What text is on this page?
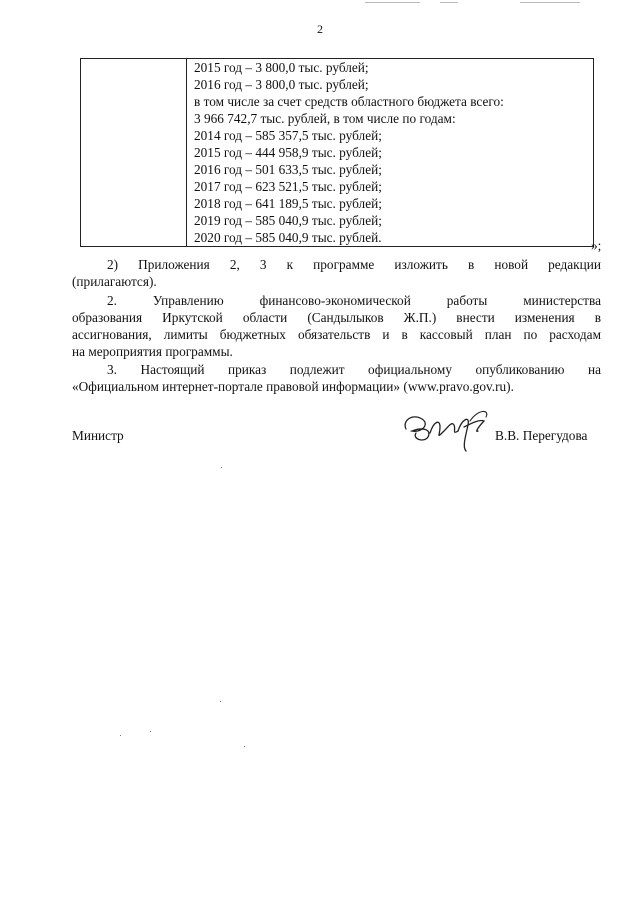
2

2015 год – 3 800,0 тыс. рублей;
2016 год – 3 800,0 тыс. рублей;
в том числе за счет средств областного бюджета всего:
3 966 742,7 тыс. рублей, в том числе по годам:
2014 год – 585 357,5 тыс. рублей;
2015 год – 444 958,9 тыс. рублей;
2016 год – 501 633,5 тыс. рублей;
2017 год – 623 521,5 тыс. рублей;
2018 год – 641 189,5 тыс. рублей;
2019 год – 585 040,9 тыс. рублей;
2020 год – 585 040,9 тыс. рублей.
»;
2) Приложения 2, 3 к программе изложить в новой редакции
(прилагаются).
2. Управлению финансово-экономической работы министерства
образования Иркутской области (Сандылыков Ж.П.) внести изменения в
ассигнования, лимиты бюджетных обязательств и в кассовый план по расходам
на мероприятия программы.
3. Настоящий приказ подлежит официальному опубликованию на
«Официальном интернет-портале правовой информации» (www.pravo.gov.ru).
Министр	В.В. Перегудова
